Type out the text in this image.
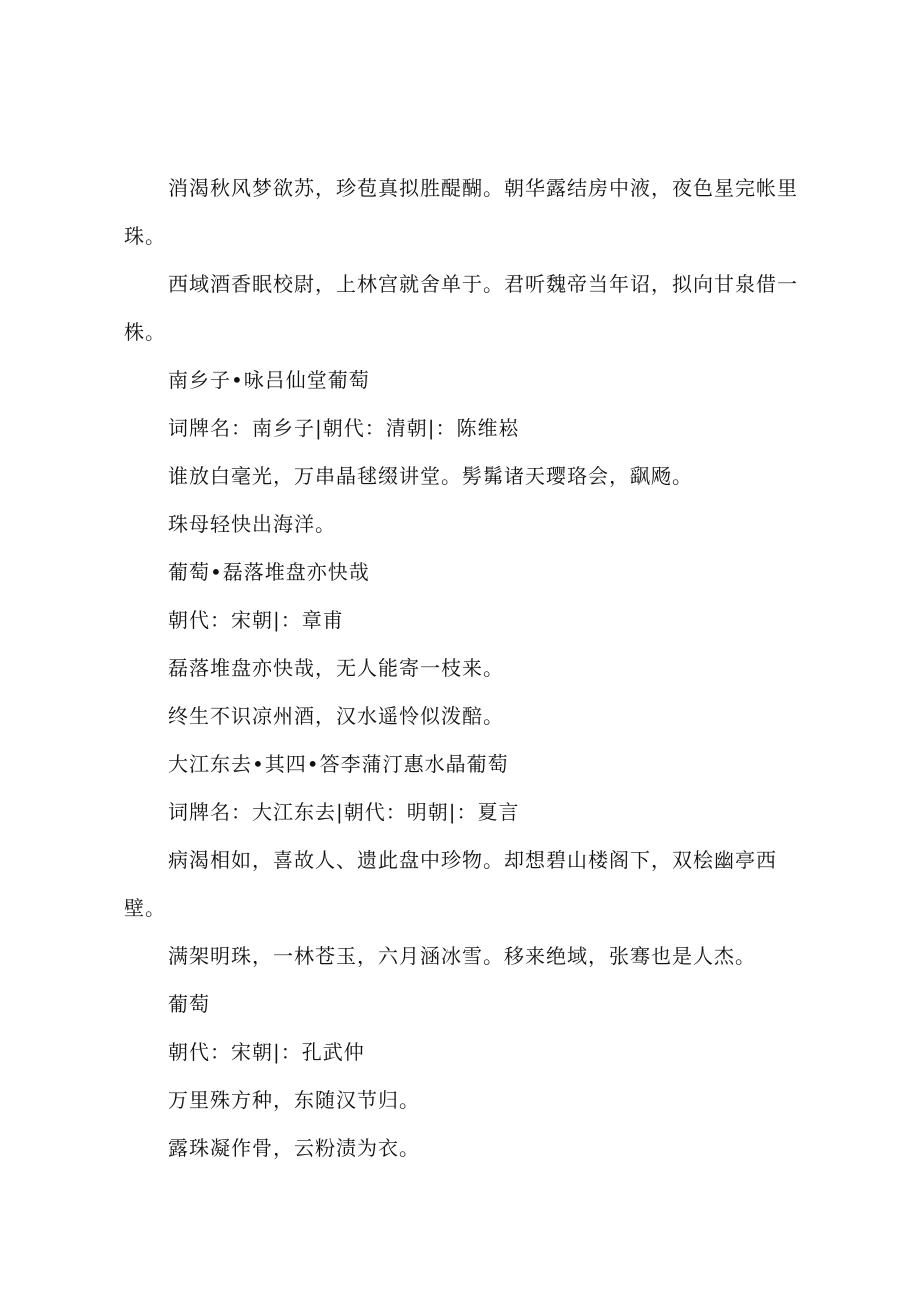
消渴秋风梦欲苏，珍苞真拟胜醍醐。朝华露结房中液，夜色星完帐里珠。

西域酒香眠校尉，上林宫就舍单于。君听魏帝当年诏，拟向甘泉借一株。

南乡子•咏吕仙堂葡萄

词牌名：南乡子|朝代：清朝|：陈维崧

谁放白毫光，万串晶毬缀讲堂。髣髴诸天璎珞会，飖飏。

珠母轻快出海洋。

葡萄•磊落堆盘亦快哉

朝代：宋朝|：章甫

磊落堆盘亦快哉，无人能寄一枝来。

终生不识凉州酒，汉水遥怜似泼醅。

大江东去•其四•答李蒲汀惠水晶葡萄

词牌名：大江东去|朝代：明朝|：夏言

病渴相如，喜故人、遗此盘中珍物。却想碧山楼阁下，双桧幽亭西壁。

满架明珠，一林苍玉，六月涵冰雪。移来绝域，张骞也是人杰。

葡萄

朝代：宋朝|：孔武仲

万里殊方种，东随汉节归。

露珠凝作骨，云粉渍为衣。
